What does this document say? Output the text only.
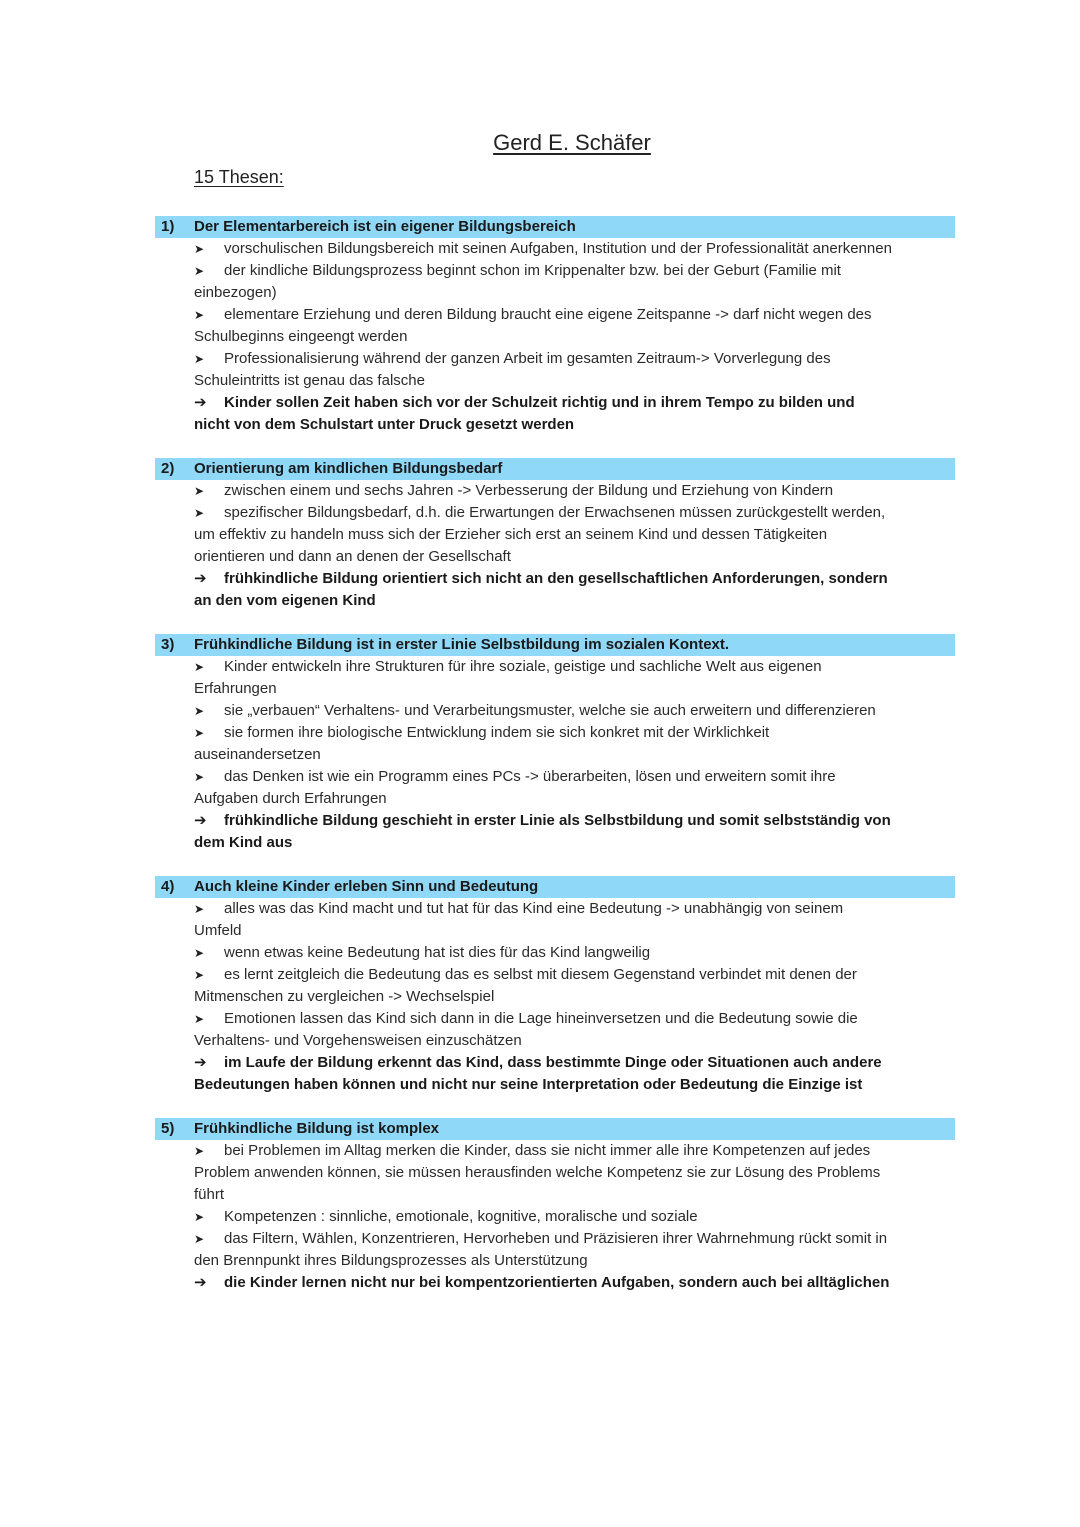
Gerd E. Schäfer
15 Thesen:
1) Der Elementarbereich ist ein eigener Bildungsbereich
➤ vorschulischen Bildungsbereich mit seinen Aufgaben, Institution und der Professionalität anerkennen
➤ der kindliche Bildungsprozess beginnt schon im Krippenalter bzw. bei der Geburt (Familie mit einbezogen)
➤ elementare Erziehung und deren Bildung braucht eine eigene Zeitspanne -> darf nicht wegen des Schulbeginns eingeengt werden
➤ Professionalisierung während der ganzen Arbeit im gesamten Zeitraum-> Vorverlegung des Schuleintritts ist genau das falsche
➔ Kinder sollen Zeit haben sich vor der Schulzeit richtig und in ihrem Tempo zu bilden und nicht von dem Schulstart unter Druck gesetzt werden
2) Orientierung am kindlichen Bildungsbedarf
➤ zwischen einem und sechs Jahren -> Verbesserung der Bildung und Erziehung von Kindern
➤ spezifischer Bildungsbedarf, d.h. die Erwartungen der Erwachsenen müssen zurückgestellt werden, um effektiv zu handeln muss sich der Erzieher sich erst an seinem Kind und dessen Tätigkeiten orientieren und dann an denen der Gesellschaft
➔ frühkindliche Bildung orientiert sich nicht an den gesellschaftlichen Anforderungen, sondern an den vom eigenen Kind
3) Frühkindliche Bildung ist in erster Linie Selbstbildung im sozialen Kontext.
➤ Kinder entwickeln ihre Strukturen für ihre soziale, geistige und sachliche Welt aus eigenen Erfahrungen
➤ sie „verbauen“ Verhaltens- und Verarbeitungsmuster, welche sie auch erweitern und differenzieren
➤ sie formen ihre biologische Entwicklung indem sie sich konkret mit der Wirklichkeit auseinandersetzen
➤ das Denken ist wie ein Programm eines PCs -> überarbeiten, lösen und erweitern somit ihre Aufgaben durch Erfahrungen
➔ frühkindliche Bildung geschieht in erster Linie als Selbstbildung und somit selbstständig von dem Kind aus
4) Auch kleine Kinder erleben Sinn und Bedeutung
➤ alles was das Kind macht und tut hat für das Kind eine Bedeutung -> unabhängig von seinem Umfeld
➤ wenn etwas keine Bedeutung hat ist dies für das Kind langweilig
➤ es lernt zeitgleich die Bedeutung das es selbst mit diesem Gegenstand verbindet mit denen der Mitmenschen zu vergleichen -> Wechselspiel
➤ Emotionen lassen das Kind sich dann in die Lage hineinversetzen und die Bedeutung sowie die Verhaltens- und Vorgehensweisen einzuschätzen
➔ im Laufe der Bildung erkennt das Kind, dass bestimmte Dinge oder Situationen auch andere Bedeutungen haben können und nicht nur seine Interpretation oder Bedeutung die Einzige ist
5) Frühkindliche Bildung ist komplex
➤ bei Problemen im Alltag merken die Kinder, dass sie nicht immer alle ihre Kompetenzen auf jedes Problem anwenden können, sie müssen herausfinden welche Kompetenz sie zur Lösung des Problems führt
➤ Kompetenzen : sinnliche, emotionale, kognitive, moralische und soziale
➤ das Filtern, Wählen, Konzentrieren, Hervorheben und Präzisieren ihrer Wahrnehmung rückt somit in den Brennpunkt ihres Bildungsprozesses als Unterstützung
➔ die Kinder lernen nicht nur bei kompentzorientierten Aufgaben, sondern auch bei alltäglichen
